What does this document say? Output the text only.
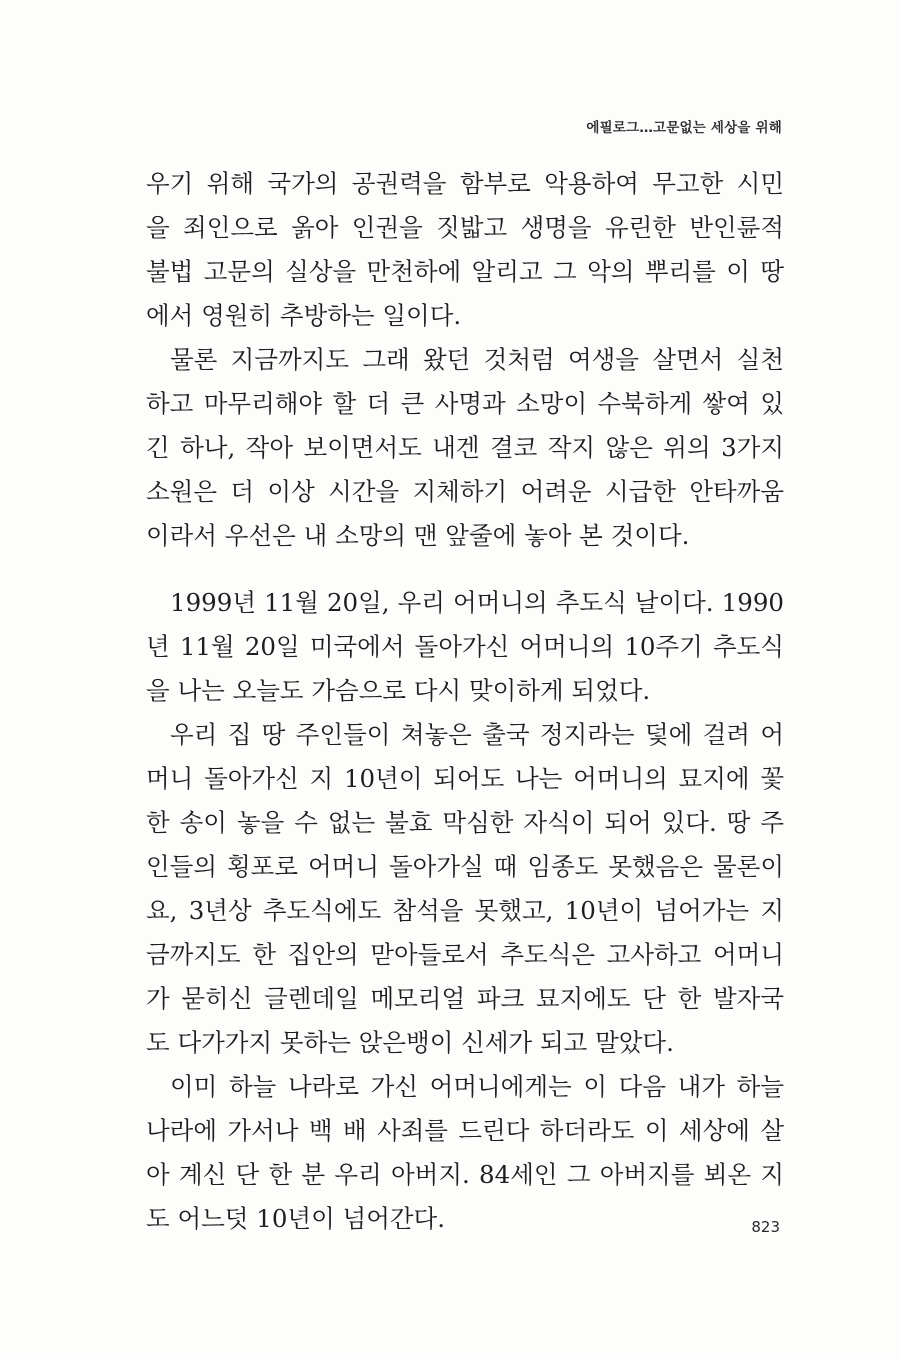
에필로그…고문없는 세상을 위해
우기 위해 국가의 공권력을 함부로 악용하여 무고한 시민
을 죄인으로 옭아 인권을 짓밟고 생명을 유린한 반인륜적
불법 고문의 실상을 만천하에 알리고 그 악의 뿌리를 이 땅
에서 영원히 추방하는 일이다.
물론 지금까지도 그래 왔던 것처럼 여생을 살면서 실천
하고 마무리해야 할 더 큰 사명과 소망이 수북하게 쌓여 있
긴 하나, 작아 보이면서도 내겐 결코 작지 않은 위의 3가지
소원은 더 이상 시간을 지체하기 어려운 시급한 안타까움
이라서 우선은 내 소망의 맨 앞줄에 놓아 본 것이다.
1999년 11월 20일, 우리 어머니의 추도식 날이다. 1990
년 11월 20일 미국에서 돌아가신 어머니의 10주기 추도식
을 나는 오늘도 가슴으로 다시 맞이하게 되었다.
우리 집 땅 주인들이 쳐놓은 출국 정지라는 덫에 걸려 어
머니 돌아가신 지 10년이 되어도 나는 어머니의 묘지에 꽃
한 송이 놓을 수 없는 불효 막심한 자식이 되어 있다. 땅 주
인들의 횡포로 어머니 돌아가실 때 임종도 못했음은 물론이
요, 3년상 추도식에도 참석을 못했고, 10년이 넘어가는 지
금까지도 한 집안의 맏아들로서 추도식은 고사하고 어머니
가 묻히신 글렌데일 메모리얼 파크 묘지에도 단 한 발자국
도 다가가지 못하는 앉은뱅이 신세가 되고 말았다.
이미 하늘 나라로 가신 어머니에게는 이 다음 내가 하늘
나라에 가서나 백 배 사죄를 드린다 하더라도 이 세상에 살
아 계신 단 한 분 우리 아버지. 84세인 그 아버지를 뵈온 지
도 어느덧 10년이 넘어간다.	823
